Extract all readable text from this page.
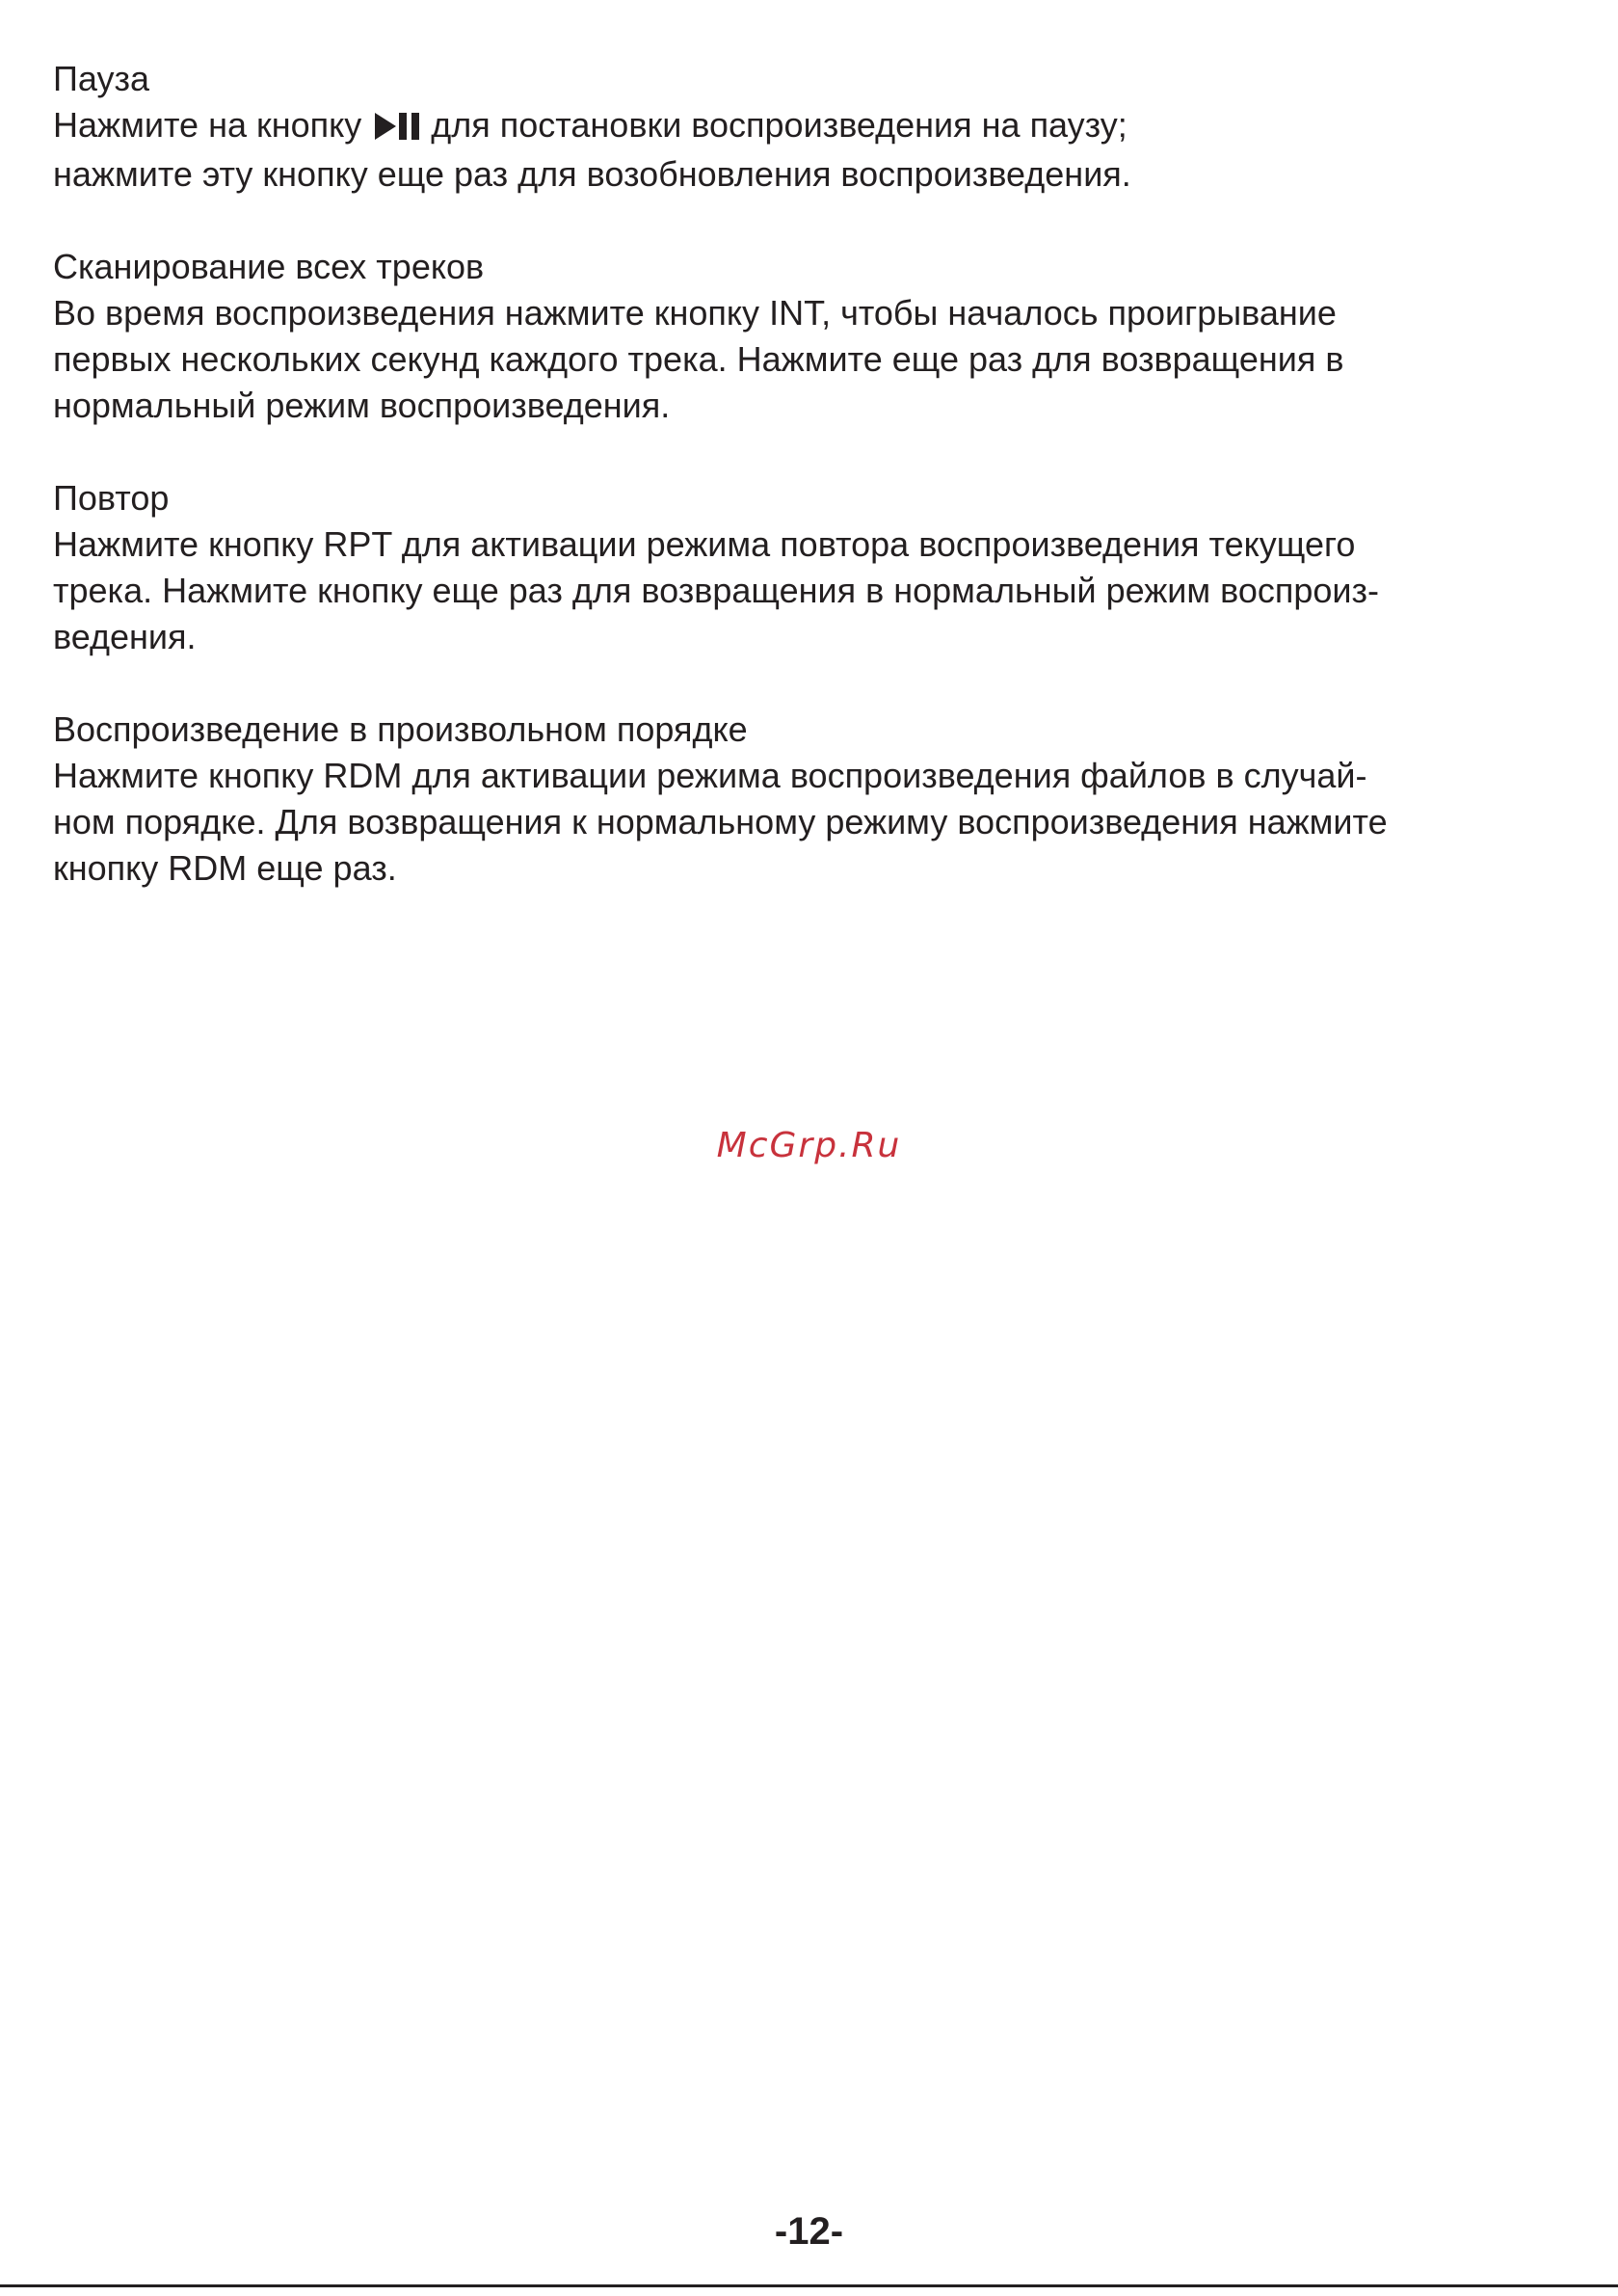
Пауза
Нажмите на кнопку для постановки воспроизведения на паузу;
нажмите эту кнопку еще раз для возобновления воспроизведения.
Сканирование всех треков
Во время воспроизведения нажмите кнопку INT, чтобы началось проигрывание
первых нескольких секунд каждого трека. Нажмите еще раз для возвращения в
нормальный режим воспроизведения.
Повтор
Нажмите кнопку RPT для активации режима повтора воспроизведения текущего
трека. Нажмите кнопку еще раз для возвращения в нормальный режим воспроиз-
ведения.
Воспроизведение в произвольном порядке
Нажмите кнопку RDM для активации режима воспроизведения файлов в случай-
ном порядке. Для возвращения к нормальному режиму воспроизведения нажмите
кнопку RDM еще раз.
McGrp.Ru
-12-
